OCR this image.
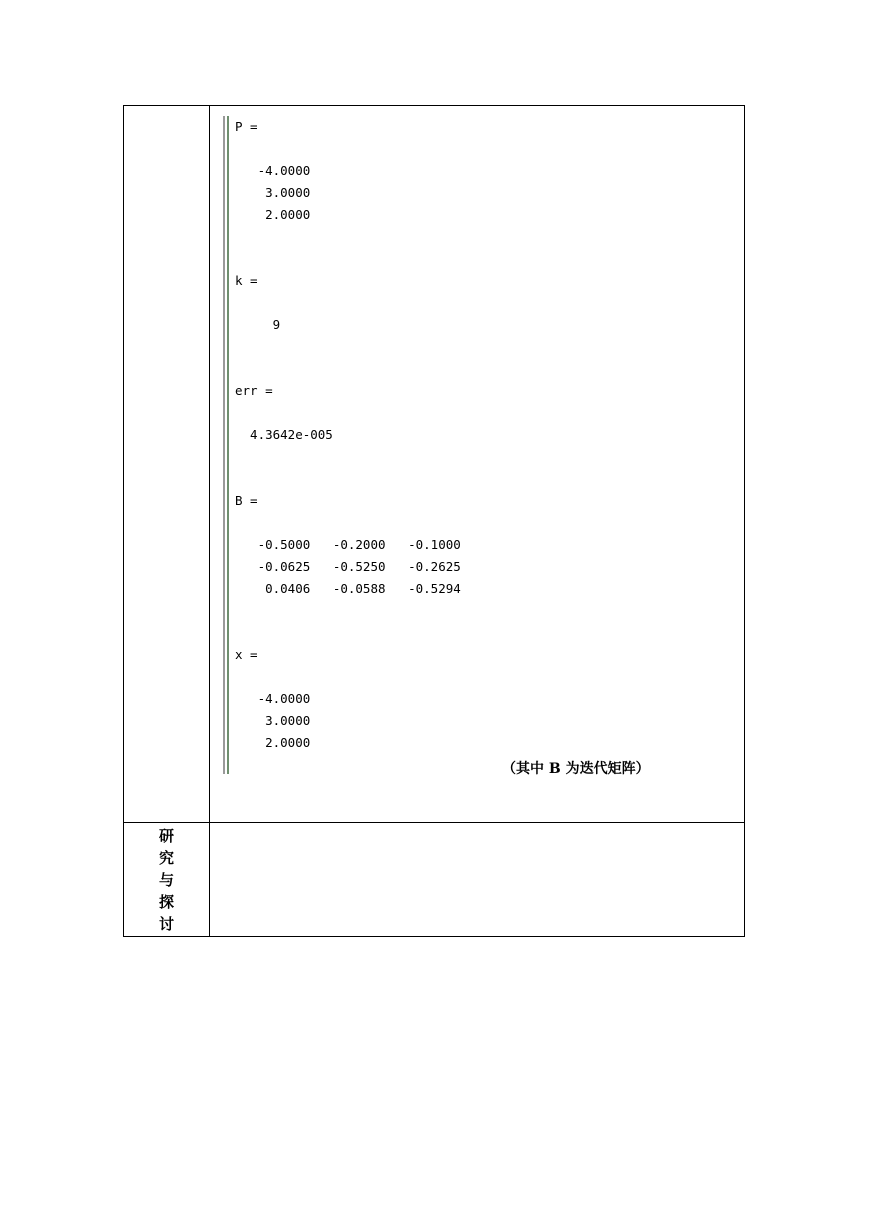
P =
-4.0000
3.0000
2.0000
k =
9
err =
4.3642e-005
B =
-0.5000   -0.2000   -0.1000
-0.0625   -0.5250   -0.2625
0.0406   -0.0588   -0.5294
x =
-4.0000
3.0000
2.0000
（其中 B 为迭代矩阵）
研
究
与
探
讨
